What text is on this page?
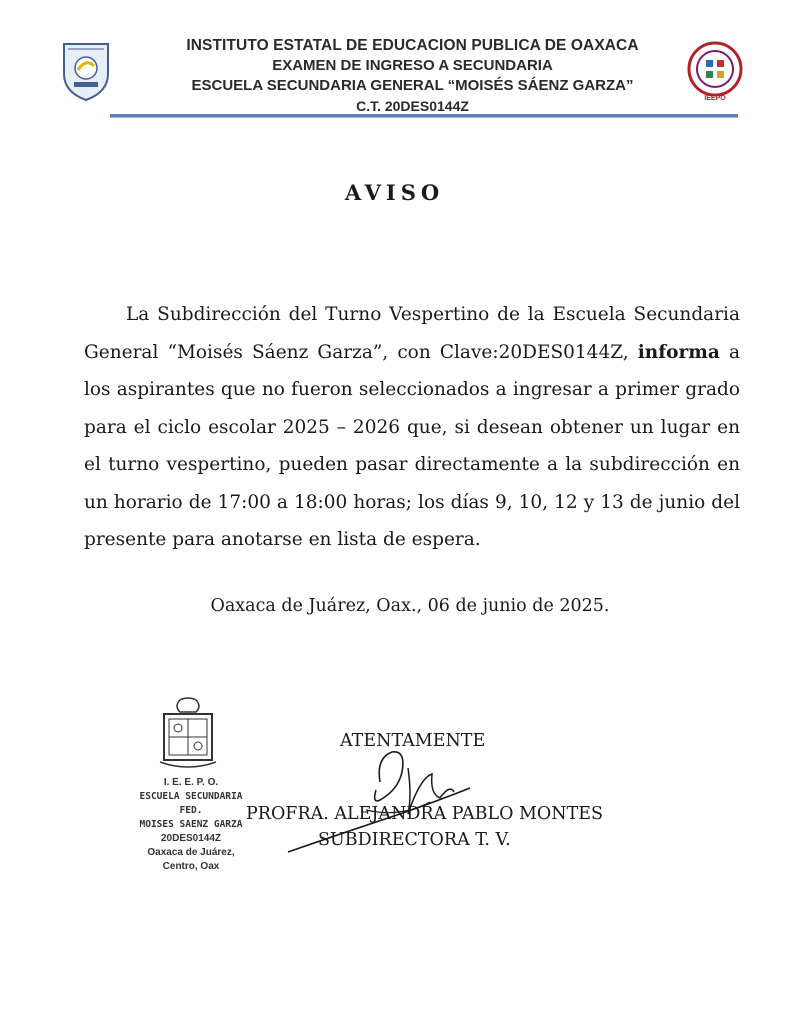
IEEPO
INSTITUTO ESTATAL DE EDUCACION PUBLICA DE OAXACA
EXAMEN DE INGRESO A SECUNDARIA
ESCUELA SECUNDARIA GENERAL “MOISÉS SÁENZ GARZA”
C.T. 20DES0144Z
AVISO
La Subdirección del Turno Vespertino de la Escuela Secundaria General “Moisés Sáenz Garza”, con Clave:20DES0144Z, informa a los aspirantes que no fueron seleccionados a ingresar a primer grado para el ciclo escolar 2025 – 2026 que, si desean obtener un lugar en el turno vespertino, pueden pasar directamente a la subdirección en un horario de 17:00 a 18:00 horas; los días 9, 10, 12 y 13 de junio del presente para anotarse en lista de espera.
Oaxaca de Juárez, Oax., 06 de junio de 2025.
I. E. E. P. O.
ESCUELA SECUNDARIA FED.
MOISES SAENZ GARZA
20DES0144Z
Oaxaca de Juárez,
Centro, Oax
ATENTAMENTE
PROFRA. ALEJANDRA PABLO MONTES
SUBDIRECTORA T. V.
